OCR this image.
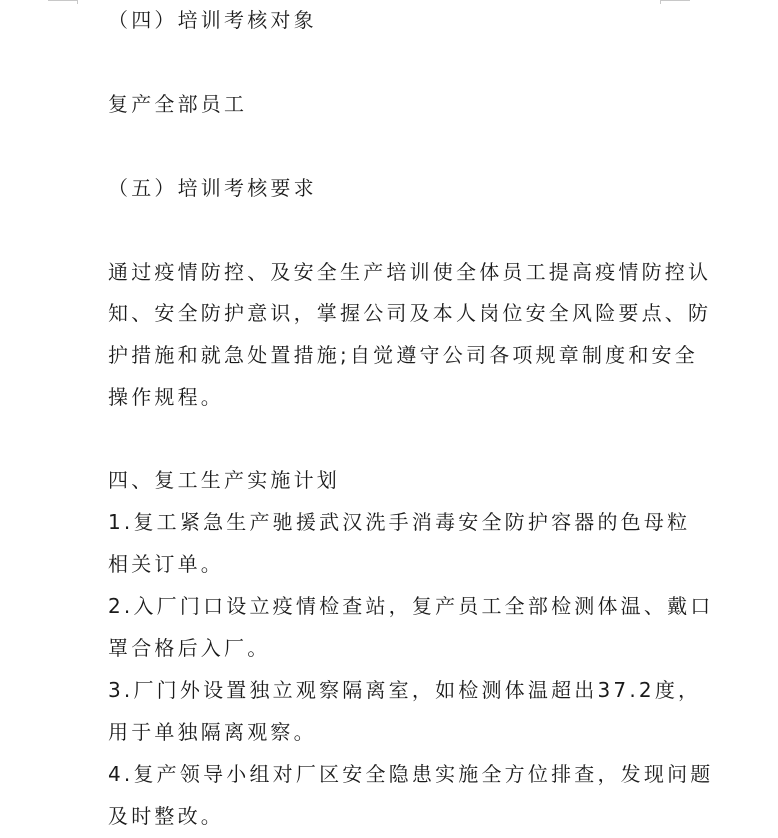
（四）培训考核对象
复产全部员工
（五）培训考核要求
通过疫情防控、及安全生产培训使全体员工提高疫情防控认
知、安全防护意识，掌握公司及本人岗位安全风险要点、防
护措施和就急处置措施;自觉遵守公司各项规章制度和安全
操作规程。
四、复工生产实施计划
1.复工紧急生产驰援武汉洗手消毒安全防护容器的色母粒
相关订单。
2.入厂门口设立疫情检查站，复产员工全部检测体温、戴口
罩合格后入厂。
3.厂门外设置独立观察隔离室，如检测体温超出37.2度，
用于单独隔离观察。
4.复产领导小组对厂区安全隐患实施全方位排查，发现问题
及时整改。
